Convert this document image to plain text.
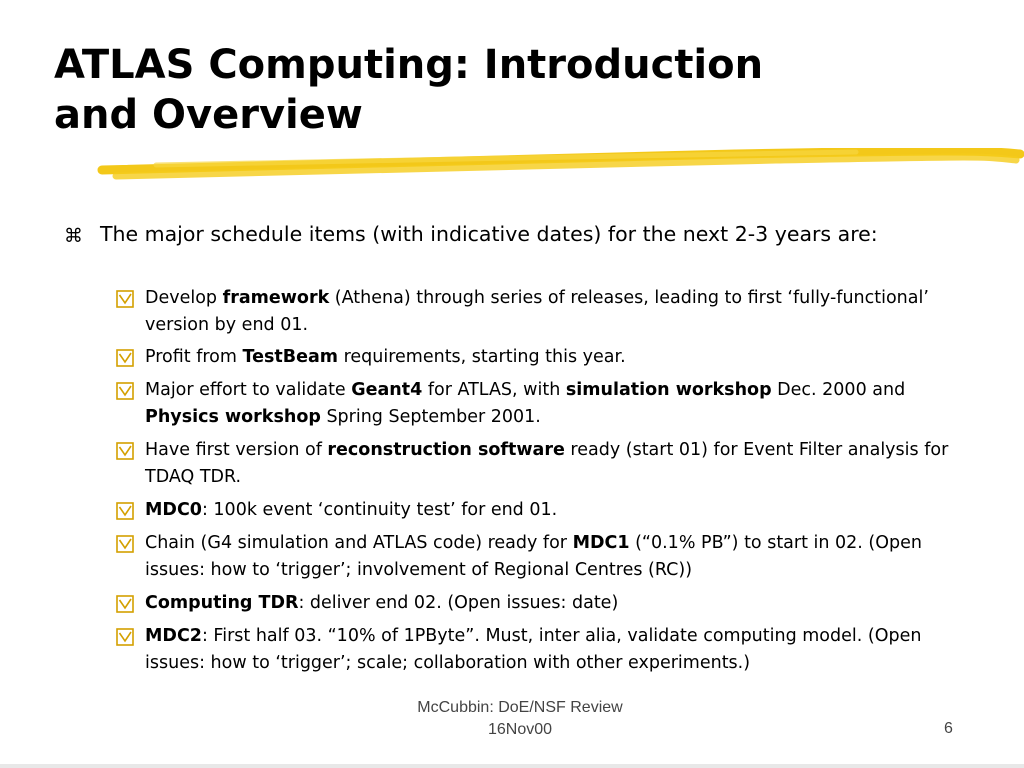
ATLAS Computing: Introduction
and Overview
⌘ The major schedule items (with indicative dates) for the next 2-3 years are:
Develop framework (Athena) through series of releases, leading to first ‘fully-functional’ version by end 01.
Profit from TestBeam requirements, starting this year.
Major effort to validate Geant4 for ATLAS, with simulation workshop Dec. 2000 and Physics workshop Spring September 2001.
Have first version of reconstruction software ready (start 01) for Event Filter analysis for TDAQ TDR.
MDC0: 100k event ‘continuity test’ for end 01.
Chain (G4 simulation and ATLAS code) ready for MDC1 (“0.1% PB”) to start in 02. (Open issues: how to ‘trigger’; involvement of Regional Centres (RC))
Computing TDR: deliver end 02. (Open issues: date)
MDC2: First half 03. “10% of 1PByte”. Must, inter alia, validate computing model. (Open issues: how to ‘trigger’; scale; collaboration with other experiments.)
McCubbin: DoE/NSF Review
16Nov00	6
